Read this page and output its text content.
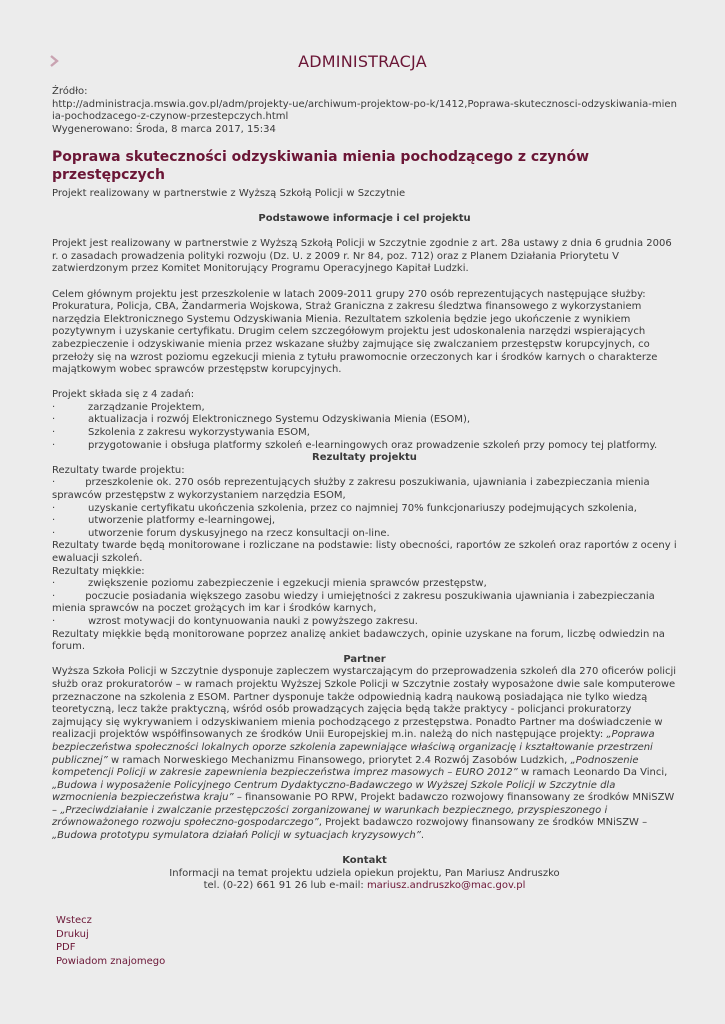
ADMINISTRACJA

Źródło:

http://administracja.mswia.gov.pl/adm/projekty-ue/archiwum-projektow-po-k/1412,Poprawa-skutecznosci-odzyskiwania-mienia-pochodzacego-z-czynow-przestepczych.html

Wygenerowano: Środa, 8 marca 2017, 15:34

Poprawa skuteczności odzyskiwania mienia pochodzącego z czynów przestępczych

Projekt realizowany w partnerstwie z Wyższą Szkołą Policji w Szczytnie

Podstawowe informacje i cel projektu

Projekt jest realizowany w partnerstwie z Wyższą Szkołą Policji w Szczytnie zgodnie z art. 28a ustawy z dnia 6 grudnia 2006 r. o zasadach prowadzenia polityki rozwoju (Dz. U. z 2009 r. Nr 84, poz. 712) oraz z Planem Działania Priorytetu V zatwierdzonym przez Komitet Monitorujący Programu Operacyjnego Kapitał Ludzki.

Celem głównym projektu jest przeszkolenie w latach 2009-2011 grupy 270 osób reprezentujących następujące służby: Prokuratura, Policja, CBA, Żandarmeria Wojskowa, Straż Graniczna z zakresu śledztwa finansowego z wykorzystaniem narzędzia Elektronicznego Systemu Odzyskiwania Mienia. Rezultatem szkolenia będzie jego ukończenie z wynikiem pozytywnym i uzyskanie certyfikatu. Drugim celem szczegółowym projektu jest udoskonalenia narzędzi wspierających zabezpieczenie i odzyskiwanie mienia przez wskazane służby zajmujące się zwalczaniem przestępstw korupcyjnych, co przełoży się na wzrost poziomu egzekucji mienia z tytułu prawomocnie orzeczonych kar i środków karnych o charakterze majątkowym wobec sprawców przestępstw korupcyjnych.

Projekt składa się z 4 zadań:

·	zarządzanie Projektem,

·	aktualizacja i rozwój Elektronicznego Systemu Odzyskiwania Mienia (ESOM),

·	Szkolenia z zakresu wykorzystywania ESOM,

·	przygotowanie i obsługa platformy szkoleń e-learningowych oraz prowadzenie szkoleń przy pomocy tej platformy.

Rezultaty projektu

Rezultaty twarde projektu:

·	przeszkolenie ok. 270 osób reprezentujących służby z zakresu poszukiwania, ujawniania i zabezpieczania mienia sprawców przestępstw z wykorzystaniem narzędzia ESOM,

·	uzyskanie certyfikatu ukończenia szkolenia, przez co najmniej 70% funkcjonariuszy podejmujących szkolenia,

·	utworzenie platformy e-learningowej,

·	utworzenie forum dyskusyjnego na rzecz konsultacji on-line.

Rezultaty twarde będą monitorowane i rozliczane na podstawie: listy obecności, raportów ze szkoleń oraz raportów z oceny i ewaluacji szkoleń.

Rezultaty miękkie:

·	zwiększenie poziomu zabezpieczenie i egzekucji mienia sprawców przestępstw,

·	poczucie posiadania większego zasobu wiedzy i umiejętności z zakresu poszukiwania ujawniania i zabezpieczania mienia sprawców na poczet grożących im kar i środków karnych,

·	wzrost motywacji do kontynuowania nauki z powyższego zakresu.

Rezultaty miękkie będą monitorowane poprzez analizę ankiet badawczych, opinie uzyskane na forum, liczbę odwiedzin na forum.

Partner

Wyższa Szkoła Policji w Szczytnie dysponuje zapleczem wystarczającym do przeprowadzenia szkoleń dla 270 oficerów policji służb oraz prokuratorów – w ramach projektu Wyższej Szkole Policji w Szczytnie zostały wyposażone dwie sale komputerowe przeznaczone na szkolenia z ESOM. Partner dysponuje także odpowiednią kadrą naukową posiadająca nie tylko wiedzą teoretyczną, lecz także praktyczną, wśród osób prowadzących zajęcia będą także praktycy - policjanci prokuratorzy zajmujący się wykrywaniem i odzyskiwaniem mienia pochodzącego z przestępstwa. Ponadto Partner ma doświadczenie w realizacji projektów współfinsowanych ze środków Unii Europejskiej m.in. należą do nich następujące projekty: „Poprawa bezpieczeństwa społeczności lokalnych oporze szkolenia zapewniające właściwą organizację i kształtowanie przestrzeni publicznej” w ramach Norweskiego Mechanizmu Finansowego, priorytet 2.4 Rozwój Zasobów Ludzkich, „Podnoszenie kompetencji Policji w zakresie zapewnienia bezpieczeństwa imprez masowych – EURO 2012” w ramach Leonardo Da Vinci, „Budowa i wyposażenie Policyjnego Centrum Dydaktyczno-Badawczego w Wyższej Szkole Policji w Szczytnie dla wzmocnienia bezpieczeństwa kraju” – finansowanie PO RPW, Projekt badawczo rozwojowy finansowany ze środków MNiSZW – „Przeciwdziałanie i zwalczanie przestępczości zorganizowanej w warunkach bezpiecznego, przyspieszonego i zrównoważonego rozwoju społeczno-gospodarczego”, Projekt badawczo rozwojowy finansowany ze środków MNiSZW – „Budowa prototypu symulatora działań Policji w sytuacjach kryzysowych”.

Kontakt

Informacji na temat projektu udziela opiekun projektu, Pan Mariusz Andruszko

tel. (0-22) 661 91 26 lub e-mail: mariusz.andruszko@mac.gov.pl

Wstecz
Drukuj
PDF
Powiadom znajomego
